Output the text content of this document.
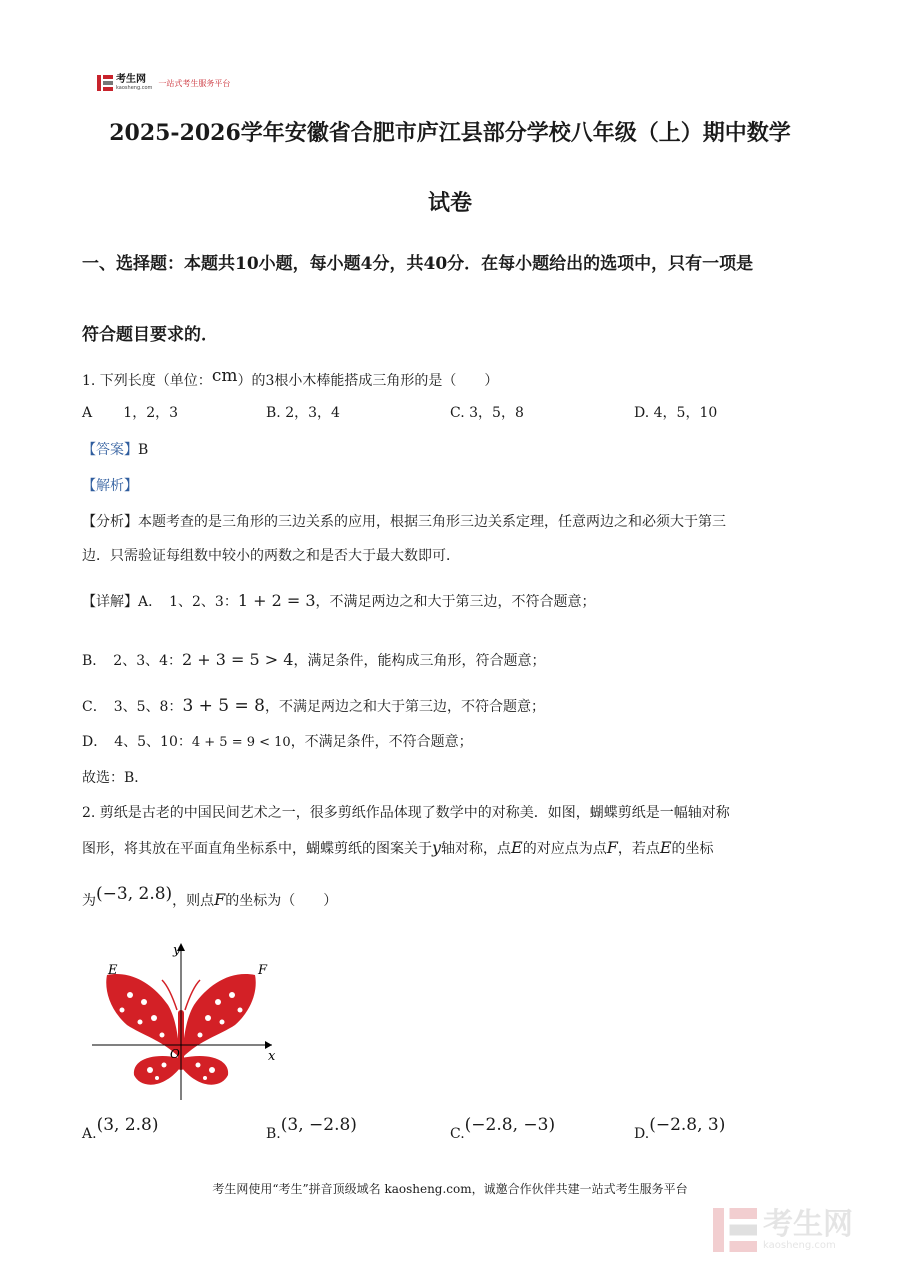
考生网
kaosheng.com
一站式考生服务平台
2025-2026学年安徽省合肥市庐江县部分学校八年级（上）期中数学
试卷
一、选择题：本题共10小题，每小题4分，共40分．在每小题给出的选项中，只有一项是
符合题目要求的．
1. 下列长度（单位：cm）的3根小木棒能搭成三角形的是（　　）
A 1，2，3	B. 2，3，4	C. 3，5，8	D. 4，5，10
【答案】B
【解析】
【分析】本题考查的是三角形的三边关系的应用，根据三角形三边关系定理，任意两边之和必须大于第三
边．只需验证每组数中较小的两数之和是否大于最大数即可．
【详解】A．　1、2、3：1 + 2 = 3，不满足两边之和大于第三边，不符合题意；
B．　2、3、4：2 + 3 = 5 > 4，满足条件，能构成三角形，符合题意；
C．　3、5、8：3 + 5 = 8，不满足两边之和大于第三边，不符合题意；
D．　4、5、10：4 + 5 = 9 < 10，不满足条件，不符合题意；
故选：B．
2. 剪纸是古老的中国民间艺术之一，很多剪纸作品体现了数学中的对称美．如图，蝴蝶剪纸是一幅轴对称
图形，将其放在平面直角坐标系中，蝴蝶剪纸的图案关于y轴对称，点E的对应点为点F，若点E的坐标
为(−3, 2.8)，则点F的坐标为（　　）
E	F
x
y
O
A.(3, 2.8)	B.(3, −2.8)	C.(−2.8, −3)	D.(−2.8, 3)
考生网使用“考生”拼音顶级域名 kaosheng.com，诚邀合作伙伴共建一站式考生服务平台
考生网
kaosheng.com
